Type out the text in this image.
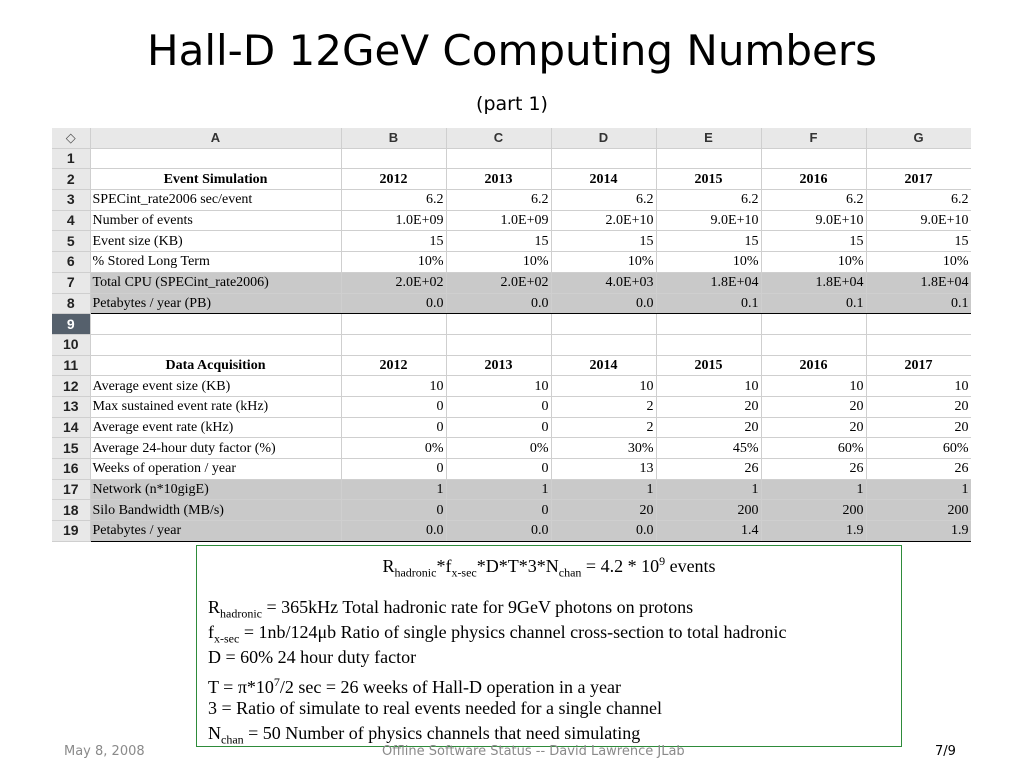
Hall-D 12GeV Computing Numbers
(part 1)
◇	A	B	C	D	E	F	G
1							
2	Event Simulation	2012	2013	2014	2015	2016	2017
3	SPECint_rate2006 sec/event	6.2	6.2	6.2	6.2	6.2	6.2
4	Number of events	1.0E+09	1.0E+09	2.0E+10	9.0E+10	9.0E+10	9.0E+10
5	Event size (KB)	15	15	15	15	15	15
6	% Stored Long Term	10%	10%	10%	10%	10%	10%
7	Total CPU (SPECint_rate2006)	2.0E+02	2.0E+02	4.0E+03	1.8E+04	1.8E+04	1.8E+04
8	Petabytes / year (PB)	0.0	0.0	0.0	0.1	0.1	0.1
9							
10							
11	Data Acquisition	2012	2013	2014	2015	2016	2017
12	Average event size (KB)	10	10	10	10	10	10
13	Max sustained event rate (kHz)	0	0	2	20	20	20
14	Average event rate (kHz)	0	0	2	20	20	20
15	Average 24-hour duty factor (%)	0%	0%	30%	45%	60%	60%
16	Weeks of operation / year	0	0	13	26	26	26
17	Network (n*10gigE)	1	1	1	1	1	1
18	Silo Bandwidth (MB/s)	0	0	20	200	200	200
19	Petabytes / year	0.0	0.0	0.0	1.4	1.9	1.9
$R_{hadronic}*f_{x-sec}*D*T*3*N_{chan} = 4.2 * 10^9$ events
$R_{hadronic} = 365kHz$ Total hadronic rate for 9GeV photons on protons
$f_{x-sec} = 1nb/124\mu b$ Ratio of single physics channel cross-section to total hadronic
D = 60% 24 hour duty factor
$T = \pi*10^7/2$ sec = 26 weeks of Hall-D operation in a year
3 = Ratio of simulate to real events needed for a single channel
$N_{chan} = 50$ Number of physics channels that need simulating
May 8, 2008	Offline Software Status -- David Lawrence JLab	7/9
